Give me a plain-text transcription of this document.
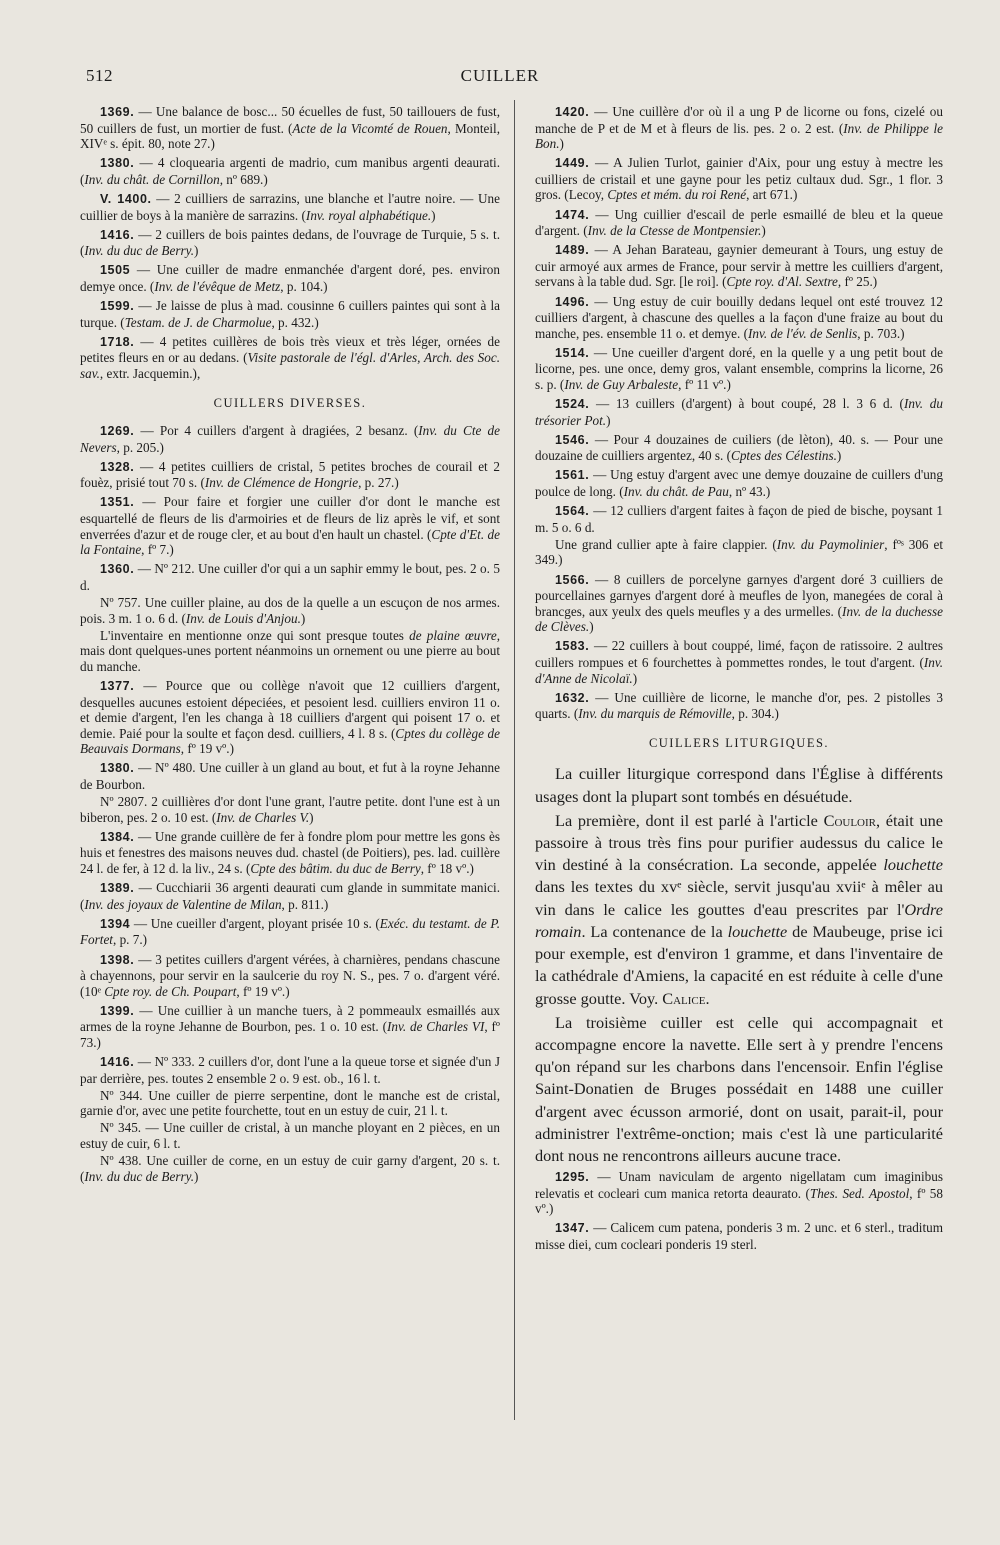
512	CUILLER

1369. — Une balance de bosc... 50 écuelles de fust, 50 taillouers de fust, 50 cuillers de fust, un mortier de fust. (Acte de la Vicomté de Rouen, Monteil, XIVᵉ s. épit. 80, note 27.)

1380. — 4 cloquearia argenti de madrio, cum manibus argenti deaurati. (Inv. du chât. de Cornillon, nº 689.)

V. 1400. — 2 cuilliers de sarrazins, une blanche et l'autre noire. — Une cuillier de boys à la manière de sarrazins. (Inv. royal alphabétique.)

1416. — 2 cuillers de bois paintes dedans, de l'ouvrage de Turquie, 5 s. t. (Inv. du duc de Berry.)

1505 — Une cuiller de madre enmanchée d'argent doré, pes. environ demye once. (Inv. de l'évêque de Metz, p. 104.)

1599. — Je laisse de plus à mad. cousinne 6 cuillers paintes qui sont à la turque. (Testam. de J. de Charmolue, p. 432.)

1718. — 4 petites cuillères de bois très vieux et très léger, ornées de petites fleurs en or au dedans. (Visite pastorale de l'égl. d'Arles, Arch. des Soc. sav., extr. Jacquemin.),

CUILLERS DIVERSES.

1269. — Por 4 cuillers d'argent à dragiées, 2 besanz. (Inv. du Cte de Nevers, p. 205.)

1328. — 4 petites cuilliers de cristal, 5 petites broches de courail et 2 fouèz, prisié tout 70 s. (Inv. de Clémence de Hongrie, p. 27.)

1351. — Pour faire et forgier une cuiller d'or dont le manche est esquartellé de fleurs de lis d'armoiries et de fleurs de liz après le vif, et sont enverrées d'azur et de rouge cler, et au bout d'en hault un chastel. (Cpte d'Et. de la Fontaine, fº 7.)

1360. — Nº 212. Une cuiller d'or qui a un saphir emmy le bout, pes. 2 o. 5 d.

Nº 757. Une cuiller plaine, au dos de la quelle a un escuçon de nos armes. pois. 3 m. 1 o. 6 d. (Inv. de Louis d'Anjou.)

L'inventaire en mentionne onze qui sont presque toutes de plaine œuvre, mais dont quelques-unes portent néanmoins un ornement ou une pierre au bout du manche.

1377. — Pource que ou collège n'avoit que 12 cuilliers d'argent, desquelles aucunes estoient dépeciées, et pesoient lesd. cuilliers environ 11 o. et demie d'argent, l'en les changa à 18 cuilliers d'argent qui poisent 17 o. et demie. Paié pour la soulte et façon desd. cuilliers, 4 l. 8 s. (Cptes du collège de Beauvais Dormans, fº 19 vº.)

1380. — Nº 480. Une cuiller à un gland au bout, et fut à la royne Jehanne de Bourbon.

Nº 2807. 2 cuillières d'or dont l'une grant, l'autre petite. dont l'une est à un biberon, pes. 2 o. 10 est. (Inv. de Charles V.)

1384. — Une grande cuillère de fer à fondre plom pour mettre les gons ès huis et fenestres des maisons neuves dud. chastel (de Poitiers), pes. lad. cuillère 24 l. de fer, à 12 d. la liv., 24 s. (Cpte des bâtim. du duc de Berry, fº 18 vº.)

1389. — Cucchiarii 36 argenti deaurati cum glande in summitate manici. (Inv. des joyaux de Valentine de Milan, p. 811.)

1394 — Une cueiller d'argent, ployant prisée 10 s. (Exéc. du testamt. de P. Fortet, p. 7.)

1398. — 3 petites cuillers d'argent vérées, à charnières, pendans chascune à chayennons, pour servir en la saulcerie du roy N. S., pes. 7 o. d'argent véré. (10ᵉ Cpte roy. de Ch. Poupart, fº 19 vº.)

1399. — Une cuillier à un manche tuers, à 2 pommeaulx esmaillés aux armes de la royne Jehanne de Bourbon, pes. 1 o. 10 est. (Inv. de Charles VI, fº 73.)

1416. — Nº 333. 2 cuillers d'or, dont l'une a la queue torse et signée d'un J par derrière, pes. toutes 2 ensemble 2 o. 9 est. ob., 16 l. t.

Nº 344. Une cuiller de pierre serpentine, dont le manche est de cristal, garnie d'or, avec une petite fourchette, tout en un estuy de cuir, 21 l. t.

Nº 345. — Une cuiller de cristal, à un manche ployant en 2 pièces, en un estuy de cuir, 6 l. t.

Nº 438. Une cuiller de corne, en un estuy de cuir garny d'argent, 20 s. t. (Inv. du duc de Berry.)

1420. — Une cuillère d'or où il a ung P de licorne ou fons, cizelé ou manche de P et de M et à fleurs de lis. pes. 2 o. 2 est. (Inv. de Philippe le Bon.)

1449. — A Julien Turlot, gainier d'Aix, pour ung estuy à mectre les cuilliers de cristail et une gayne pour les petiz cultaux dud. Sgr., 1 flor. 3 gros. (Lecoy, Cptes et mém. du roi René, art 671.)

1474. — Ung cuillier d'escail de perle esmaillé de bleu et la queue d'argent. (Inv. de la Ctesse de Montpensier.)

1489. — A Jehan Barateau, gaynier demeurant à Tours, ung estuy de cuir armoyé aux armes de France, pour servir à mettre les cuilliers d'argent, servans à la table dud. Sgr. [le roi]. (Cpte roy. d'Al. Sextre, fº 25.)

1496. — Ung estuy de cuir bouilly dedans lequel ont esté trouvez 12 cuilliers d'argent, à chascune des quelles a la façon d'une fraize au bout du manche, pes. ensemble 11 o. et demye. (Inv. de l'év. de Senlis, p. 703.)

1514. — Une cueiller d'argent doré, en la quelle y a ung petit bout de licorne, pes. une once, demy gros, valant ensemble, comprins la licorne, 26 s. p. (Inv. de Guy Arbaleste, fº 11 vº.)

1524. — 13 cuillers (d'argent) à bout coupé, 28 l. 3 6 d. (Inv. du trésorier Pot.)

1546. — Pour 4 douzaines de cuiliers (de lèton), 40. s. — Pour une douzaine de cuilliers argentez, 40 s. (Cptes des Célestins.)

1561. — Ung estuy d'argent avec une demye douzaine de cuillers d'ung poulce de long. (Inv. du chât. de Pau, nº 43.)

1564. — 12 culliers d'argent faites à façon de pied de bische, poysant 1 m. 5 o. 6 d.

Une grand cullier apte à faire clappier. (Inv. du Paymolinier, fºˢ 306 et 349.)

1566. — 8 cuillers de porcelyne garnyes d'argent doré 3 cuilliers de pourcellaines garnyes d'argent doré à meufles de lyon, manegées de coral à brancges, aux yeulx des quels meufles y a des urmelles. (Inv. de la duchesse de Clèves.)

1583. — 22 cuillers à bout couppé, limé, façon de ratissoire. 2 aultres cuillers rompues et 6 fourchettes à pommettes rondes, le tout d'argent. (Inv. d'Anne de Nicolaï.)

1632. — Une cuillière de licorne, le manche d'or, pes. 2 pistolles 3 quarts. (Inv. du marquis de Rémoville, p. 304.)

CUILLERS LITURGIQUES.

La cuiller liturgique correspond dans l'Église à différents usages dont la plupart sont tombés en désuétude.

La première, dont il est parlé à l'article Couloir, était une passoire à trous très fins pour purifier audessus du calice le vin destiné à la consécration. La seconde, appelée louchette dans les textes du xvᵉ siècle, servit jusqu'au xviiᵉ à mêler au vin dans le calice les gouttes d'eau prescrites par l'Ordre romain. La contenance de la louchette de Maubeuge, prise ici pour exemple, est d'environ 1 gramme, et dans l'inventaire de la cathédrale d'Amiens, la capacité en est réduite à celle d'une grosse goutte. Voy. Calice.

La troisième cuiller est celle qui accompagnait et accompagne encore la navette. Elle sert à y prendre l'encens qu'on répand sur les charbons dans l'encensoir. Enfin l'église Saint-Donatien de Bruges possédait en 1488 une cuiller d'argent avec écusson armorié, dont on usait, parait-il, pour administrer l'extrême-onction; mais c'est là une particularité dont nous ne rencontrons ailleurs aucune trace.

1295. — Unam naviculam de argento nigellatam cum imaginibus relevatis et cocleari cum manica retorta deaurato. (Thes. Sed. Apostol, fº 58 vº.)

1347. — Calicem cum patena, ponderis 3 m. 2 unc. et 6 sterl., traditum misse diei, cum cocleari ponderis 19 sterl.
